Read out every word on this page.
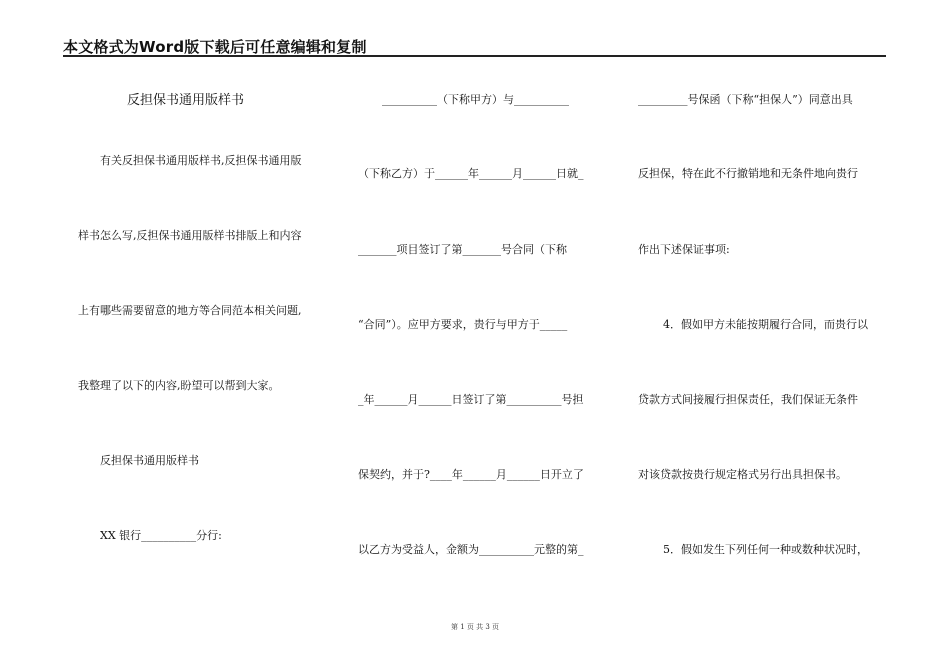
本文格式为Word版下载后可任意编辑和复制
反担保书通用版样书
有关反担保书通用版样书,反担保书通用版
样书怎么写,反担保书通用版样书排版上和内容
上有哪些需要留意的地方等合同范本相关问题,
我整理了以下的内容,盼望可以帮到大家。
反担保书通用版样书
XX 银行__________分行:
__________（下称甲方）与__________
（下称乙方）于______年______月______日就_
_______项目签订了第_______号合同（下称
“合同”）。应甲方要求，贵行与甲方于_____
_年______月______日签订了第__________号担
保契约，并于?____年______月______日开立了
以乙方为受益人，金额为__________元整的第_
_________号保函（下称“担保人”）同意出具
反担保，特在此不行撤销地和无条件地向贵行
作出下述保证事项:
4．假如甲方未能按期履行合同，而贵行以
贷款方式间接履行担保责任，我们保证无条件
对该贷款按贵行规定格式另行出具担保书。
5．假如发生下列任何一种或数种状况时，
第 1 页 共 3 页
